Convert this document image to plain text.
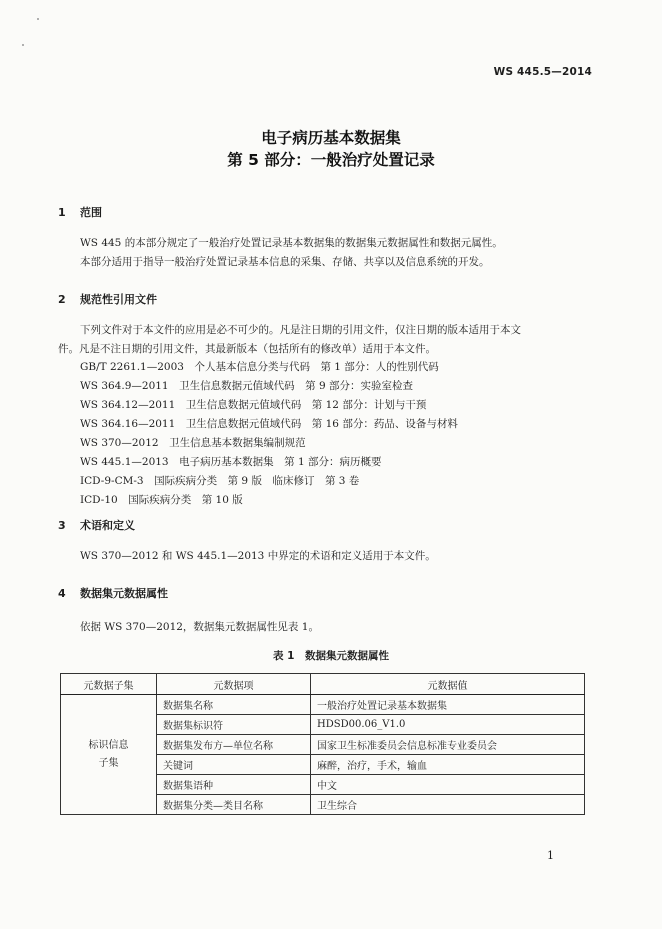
WS 445.5—2014
电子病历基本数据集
第 5 部分：一般治疗处置记录
1 范围
WS 445 的本部分规定了一般治疗处置记录基本数据集的数据集元数据属性和数据元属性。
本部分适用于指导一般治疗处置记录基本信息的采集、存储、共享以及信息系统的开发。
2 规范性引用文件
下列文件对于本文件的应用是必不可少的。凡是注日期的引用文件，仅注日期的版本适用于本文
件。凡是不注日期的引用文件，其最新版本（包括所有的修改单）适用于本文件。
GB/T 2261.1—2003　个人基本信息分类与代码　第 1 部分：人的性别代码
WS 364.9—2011　卫生信息数据元值域代码　第 9 部分：实验室检查
WS 364.12—2011　卫生信息数据元值域代码　第 12 部分：计划与干预
WS 364.16—2011　卫生信息数据元值域代码　第 16 部分：药品、设备与材料
WS 370—2012　卫生信息基本数据集编制规范
WS 445.1—2013　电子病历基本数据集　第 1 部分：病历概要
ICD-9-CM-3　国际疾病分类　第 9 版　临床修订　第 3 卷
ICD-10　国际疾病分类　第 10 版
3 术语和定义
WS 370—2012 和 WS 445.1—2013 中界定的术语和定义适用于本文件。
4 数据集元数据属性
依据 WS 370—2012，数据集元数据属性见表 1。
表 1　数据集元数据属性
元数据子集	元数据项	元数据值
标识信息
子集	数据集名称	一般治疗处置记录基本数据集
	数据集标识符	HDSD00.06_V1.0
	数据集发布方—单位名称	国家卫生标准委员会信息标准专业委员会
	关键词	麻醉，治疗，手术，输血
	数据集语种	中文
	数据集分类—类目名称	卫生综合
1
